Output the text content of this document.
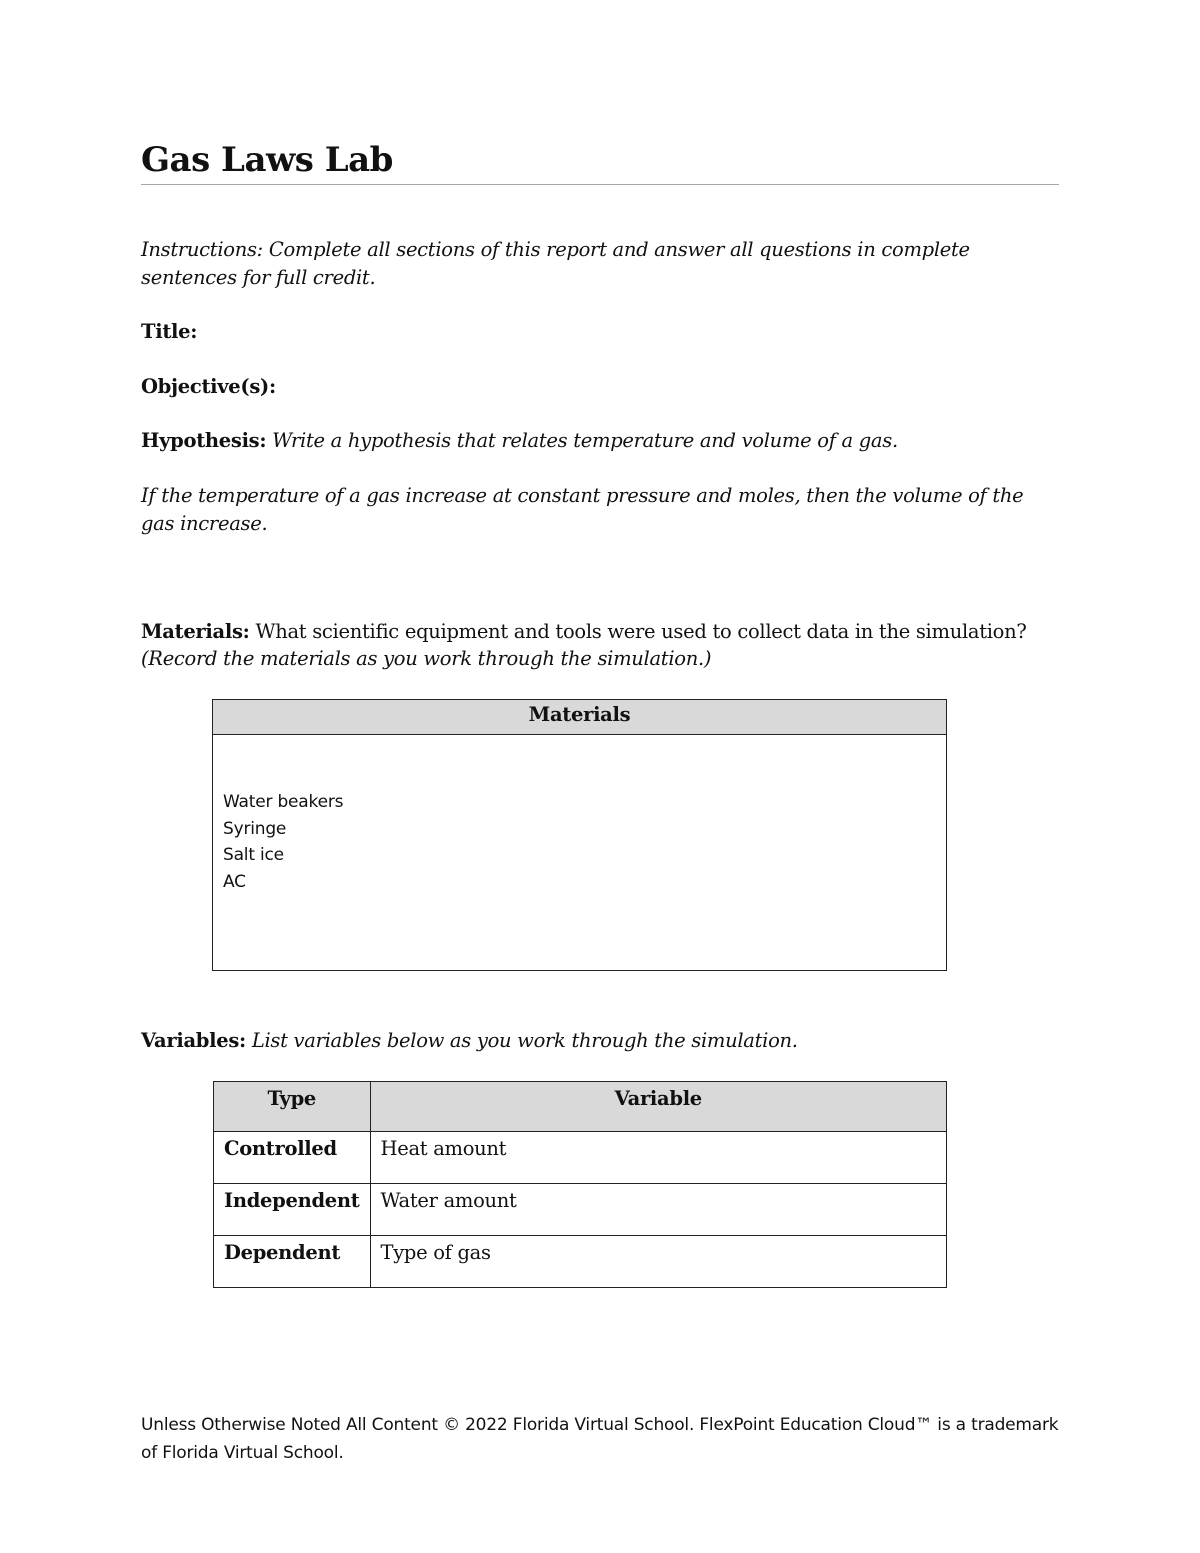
Gas Laws Lab
Instructions: Complete all sections of this report and answer all questions in complete sentences for full credit.
Title:
Objective(s):
Hypothesis: Write a hypothesis that relates temperature and volume of a gas.
If the temperature of a gas increase at constant pressure and moles, then the volume of the gas increase.
Materials: What scientific equipment and tools were used to collect data in the simulation?
(Record the materials as you work through the simulation.)
Materials

Water beakers
Syringe
Salt ice
AC
Variables: List variables below as you work through the simulation.
Type	Variable
Controlled	Heat amount
Independent	Water amount
Dependent	Type of gas
Unless Otherwise Noted All Content © 2022 Florida Virtual School. FlexPoint Education Cloud™ is a trademark of Florida Virtual School.
